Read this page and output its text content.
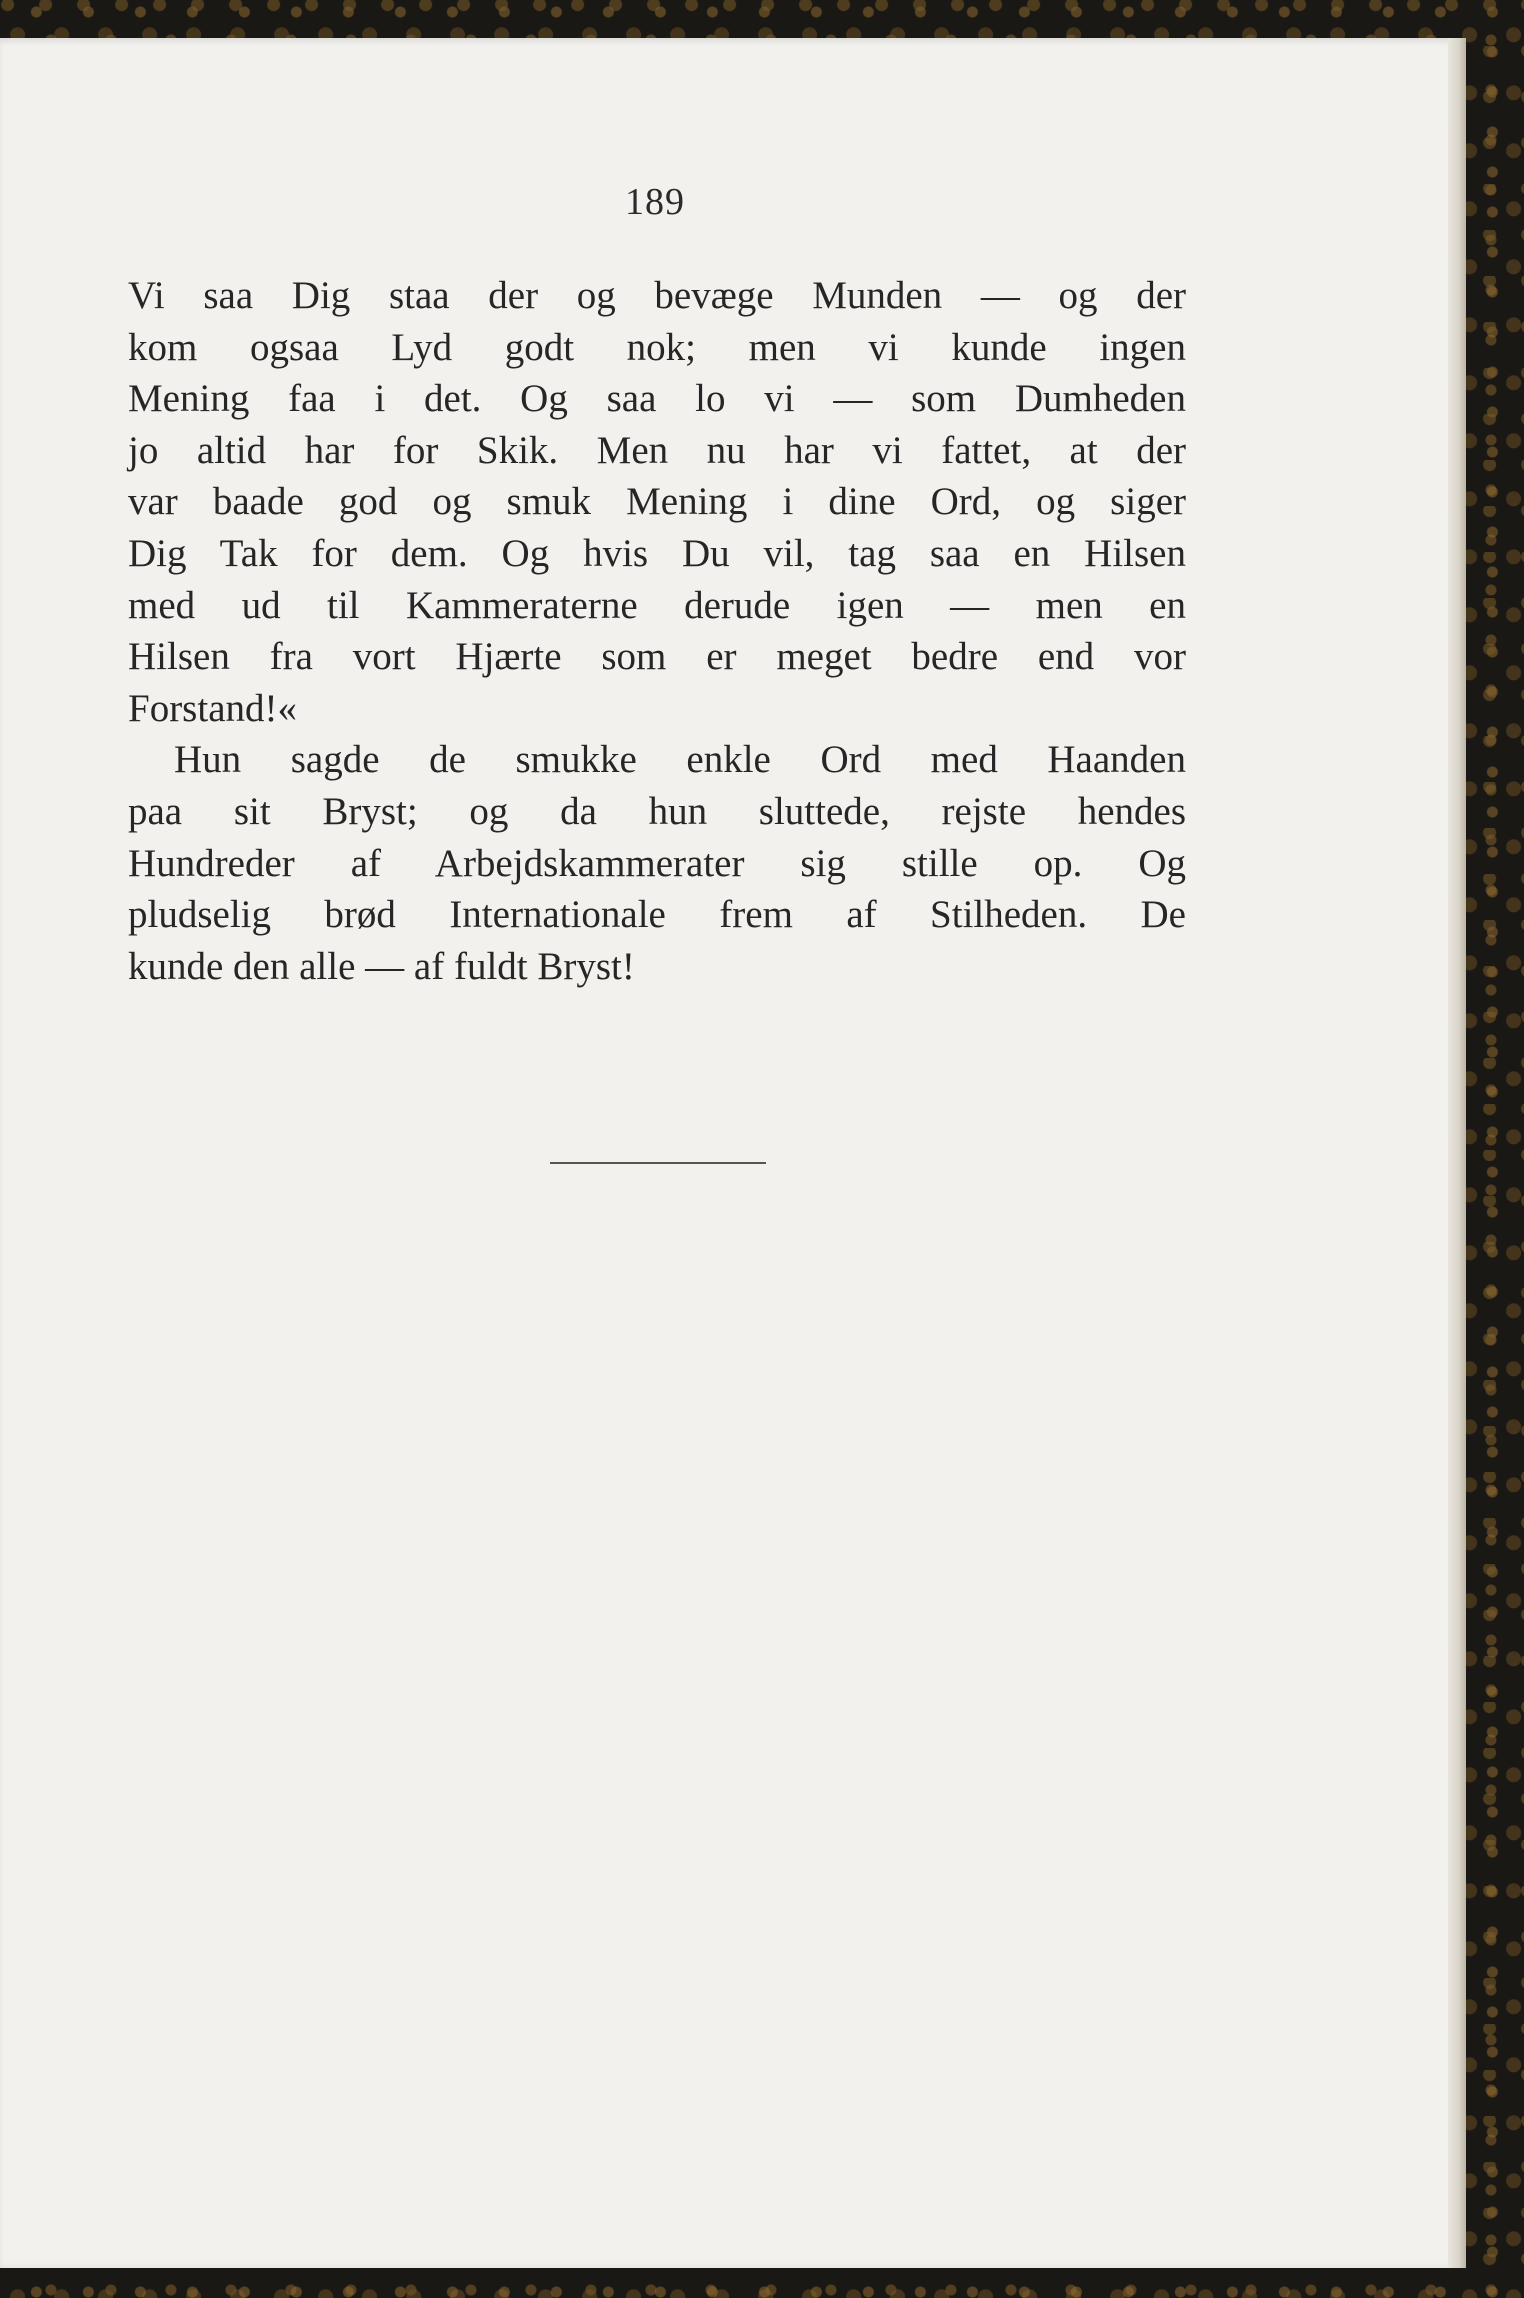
189

Vi saa Dig staa der og bevæge Munden — og der
kom ogsaa Lyd godt nok; men vi kunde ingen
Mening faa i det. Og saa lo vi — som Dumheden
jo altid har for Skik. Men nu har vi fattet, at der
var baade god og smuk Mening i dine Ord, og siger
Dig Tak for dem. Og hvis Du vil, tag saa en Hilsen
med ud til Kammeraterne derude igen — men en
Hilsen fra vort Hjærte som er meget bedre end vor
Forstand!«

Hun sagde de smukke enkle Ord med Haanden
paa sit Bryst; og da hun sluttede, rejste hendes
Hundreder af Arbejdskammerater sig stille op. Og
pludselig brød Internationale frem af Stilheden. De
kunde den alle — af fuldt Bryst!
